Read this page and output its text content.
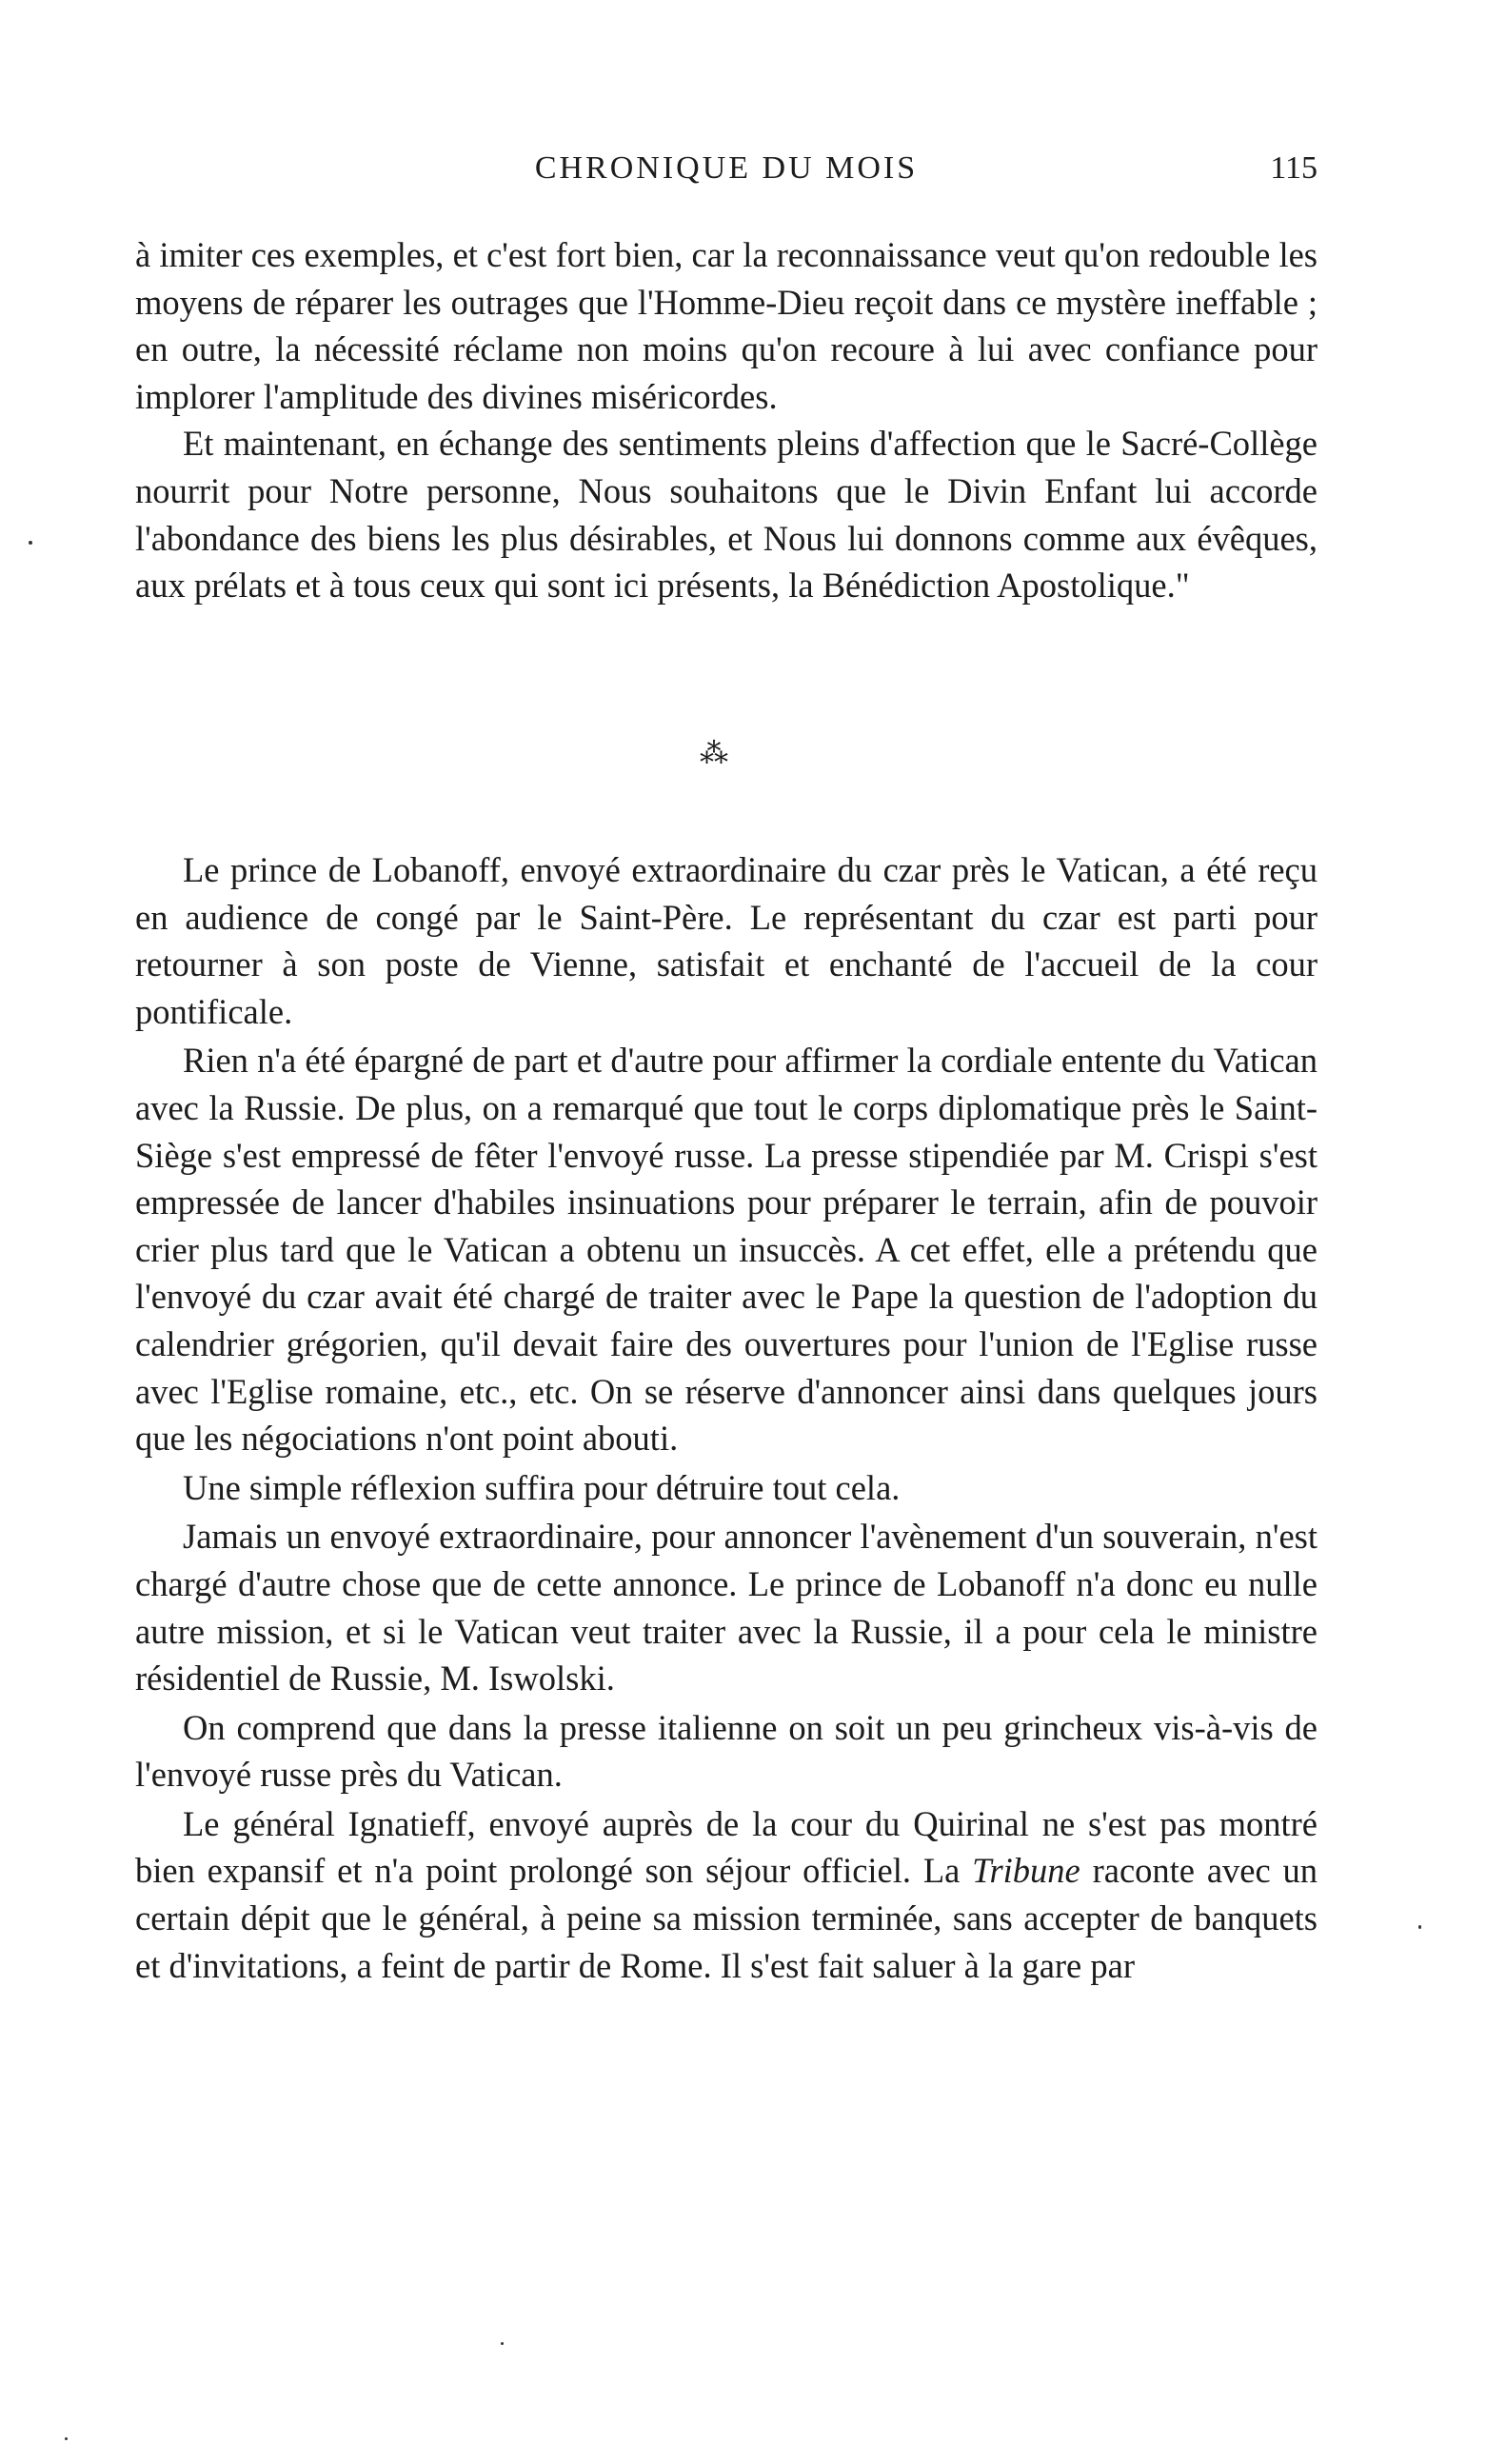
CHRONIQUE DU MOIS	115

à imiter ces exemples, et c'est fort bien, car la reconnaissance veut qu'on redouble les moyens de réparer les outrages que l'Homme-Dieu reçoit dans ce mystère ineffable ; en outre, la nécessité réclame non moins qu'on recoure à lui avec confiance pour implorer l'amplitude des divines miséricordes.

Et maintenant, en échange des sentiments pleins d'affection que le Sacré-Collège nourrit pour Notre personne, Nous souhaitons que le Divin Enfant lui accorde l'abondance des biens les plus désirables, et Nous lui donnons comme aux évêques, aux prélats et à tous ceux qui sont ici présents, la Bénédiction Apostolique."

⁂

Le prince de Lobanoff, envoyé extraordinaire du czar près le Vatican, a été reçu en audience de congé par le Saint-Père. Le représentant du czar est parti pour retourner à son poste de Vienne, satisfait et enchanté de l'accueil de la cour pontificale.

Rien n'a été épargné de part et d'autre pour affirmer la cordiale entente du Vatican avec la Russie. De plus, on a remarqué que tout le corps diplomatique près le Saint-Siège s'est empressé de fêter l'envoyé russe. La presse stipendiée par M. Crispi s'est empressée de lancer d'habiles insinuations pour préparer le terrain, afin de pouvoir crier plus tard que le Vatican a obtenu un insuccès. A cet effet, elle a prétendu que l'envoyé du czar avait été chargé de traiter avec le Pape la question de l'adoption du calendrier grégorien, qu'il devait faire des ouvertures pour l'union de l'Eglise russe avec l'Eglise romaine, etc., etc. On se réserve d'annoncer ainsi dans quelques jours que les négociations n'ont point abouti.

Une simple réflexion suffira pour détruire tout cela.

Jamais un envoyé extraordinaire, pour annoncer l'avènement d'un souverain, n'est chargé d'autre chose que de cette annonce. Le prince de Lobanoff n'a donc eu nulle autre mission, et si le Vatican veut traiter avec la Russie, il a pour cela le ministre résidentiel de Russie, M. Iswolski.

On comprend que dans la presse italienne on soit un peu grincheux vis-à-vis de l'envoyé russe près du Vatican.

Le général Ignatieff, envoyé auprès de la cour du Quirinal ne s'est pas montré bien expansif et n'a point prolongé son séjour officiel. La Tribune raconte avec un certain dépit que le général, à peine sa mission terminée, sans accepter de banquets et d'invitations, a feint de partir de Rome. Il s'est fait saluer à la gare par
